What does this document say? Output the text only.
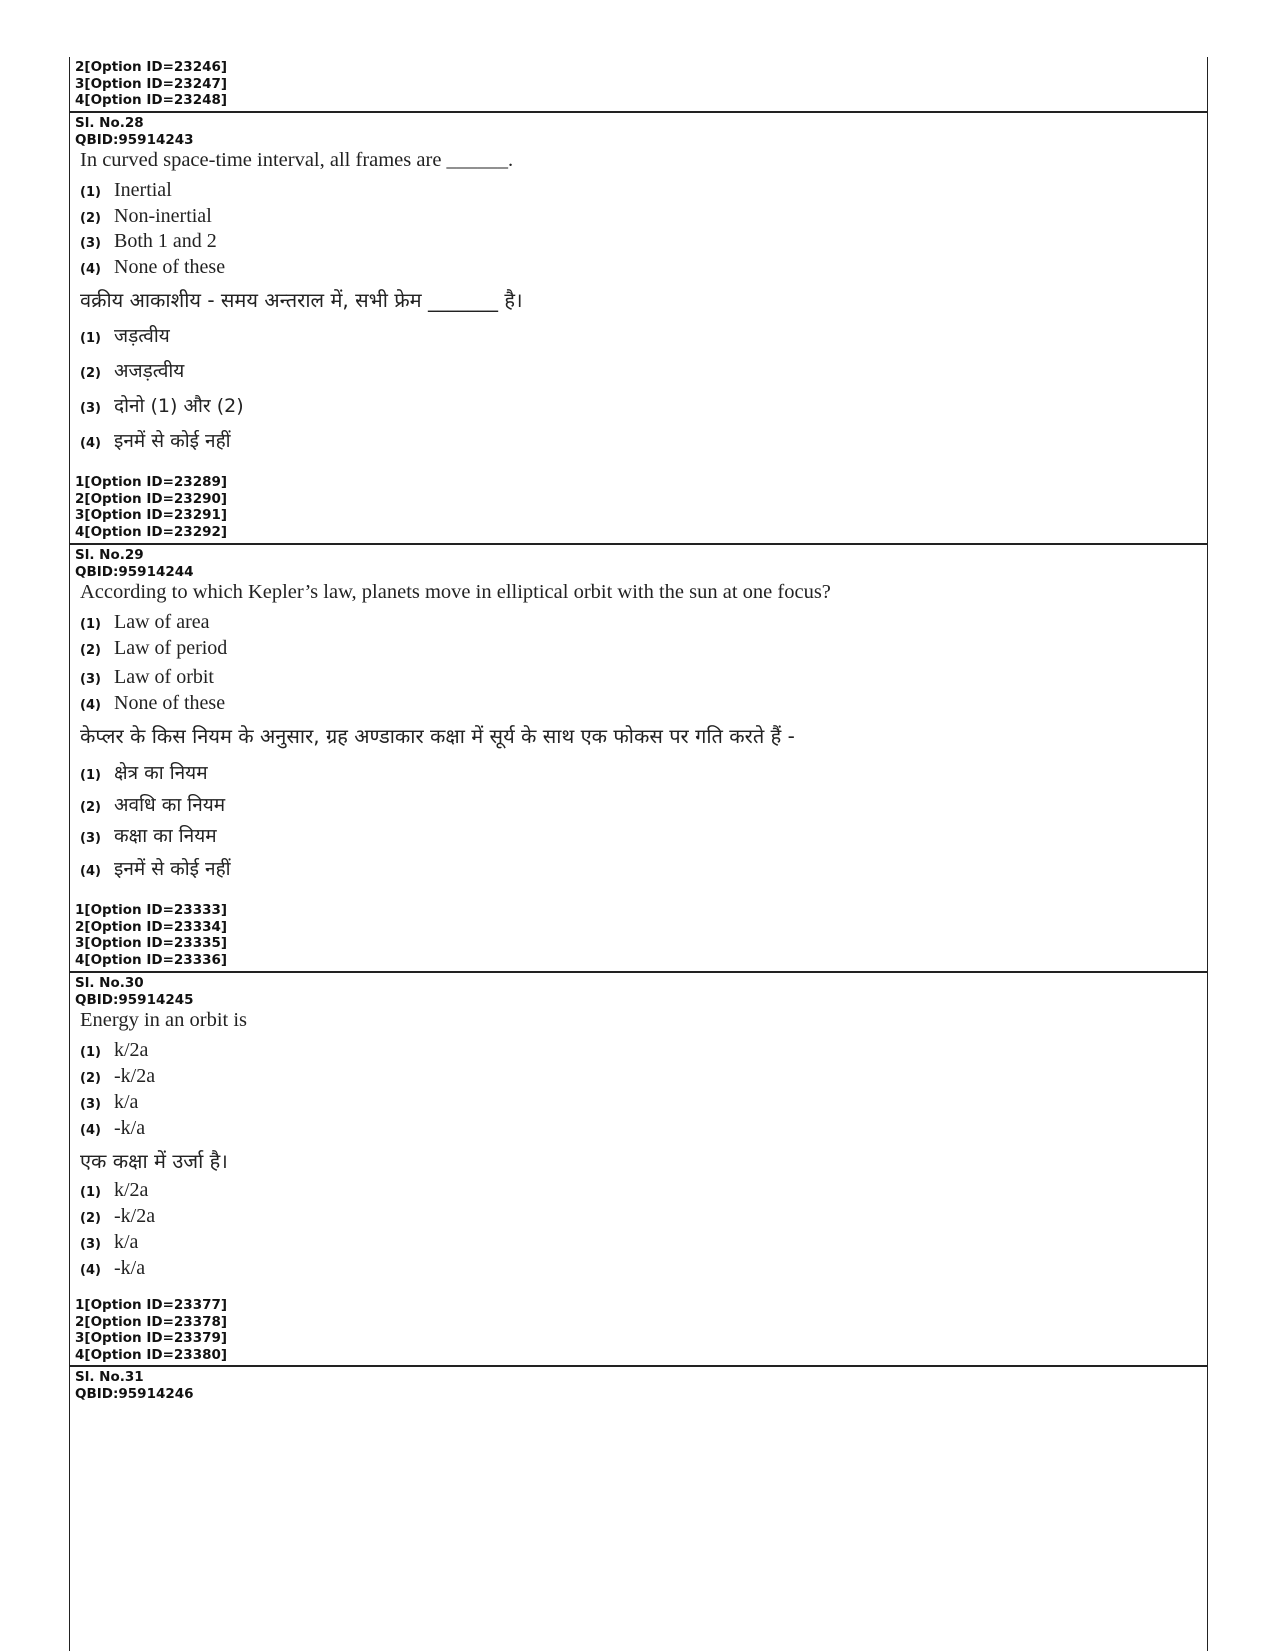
2[Option ID=23246]
3[Option ID=23247]
4[Option ID=23248]
Sl. No.28
QBID:95914243
In curved space-time interval, all frames are ______.
(1) Inertial
(2) Non-inertial
(3) Both 1 and 2
(4) None of these
वक्रीय आकाशीय - समय अन्तराल में, सभी फ्रेम _______ है।
(1) जड़त्वीय
(2) अजड़त्वीय
(3) दोनो (1) और (2)
(4) इनमें से कोई नहीं
1[Option ID=23289]
2[Option ID=23290]
3[Option ID=23291]
4[Option ID=23292]
Sl. No.29
QBID:95914244
According to which Kepler’s law, planets move in elliptical orbit with the sun at one focus?
(1) Law of area
(2) Law of period
(3) Law of orbit
(4) None of these
केप्लर के किस नियम के अनुसार, ग्रह अण्डाकार कक्षा में सूर्य के साथ एक फोकस पर गति करते हैं -
(1) क्षेत्र का नियम
(2) अवधि का नियम
(3) कक्षा का नियम
(4) इनमें से कोई नहीं
1[Option ID=23333]
2[Option ID=23334]
3[Option ID=23335]
4[Option ID=23336]
Sl. No.30
QBID:95914245
Energy in an orbit is
(1) k/2a
(2) -k/2a
(3) k/a
(4) -k/a
एक कक्षा में उर्जा है।
(1) k/2a
(2) -k/2a
(3) k/a
(4) -k/a
1[Option ID=23377]
2[Option ID=23378]
3[Option ID=23379]
4[Option ID=23380]
Sl. No.31
QBID:95914246
